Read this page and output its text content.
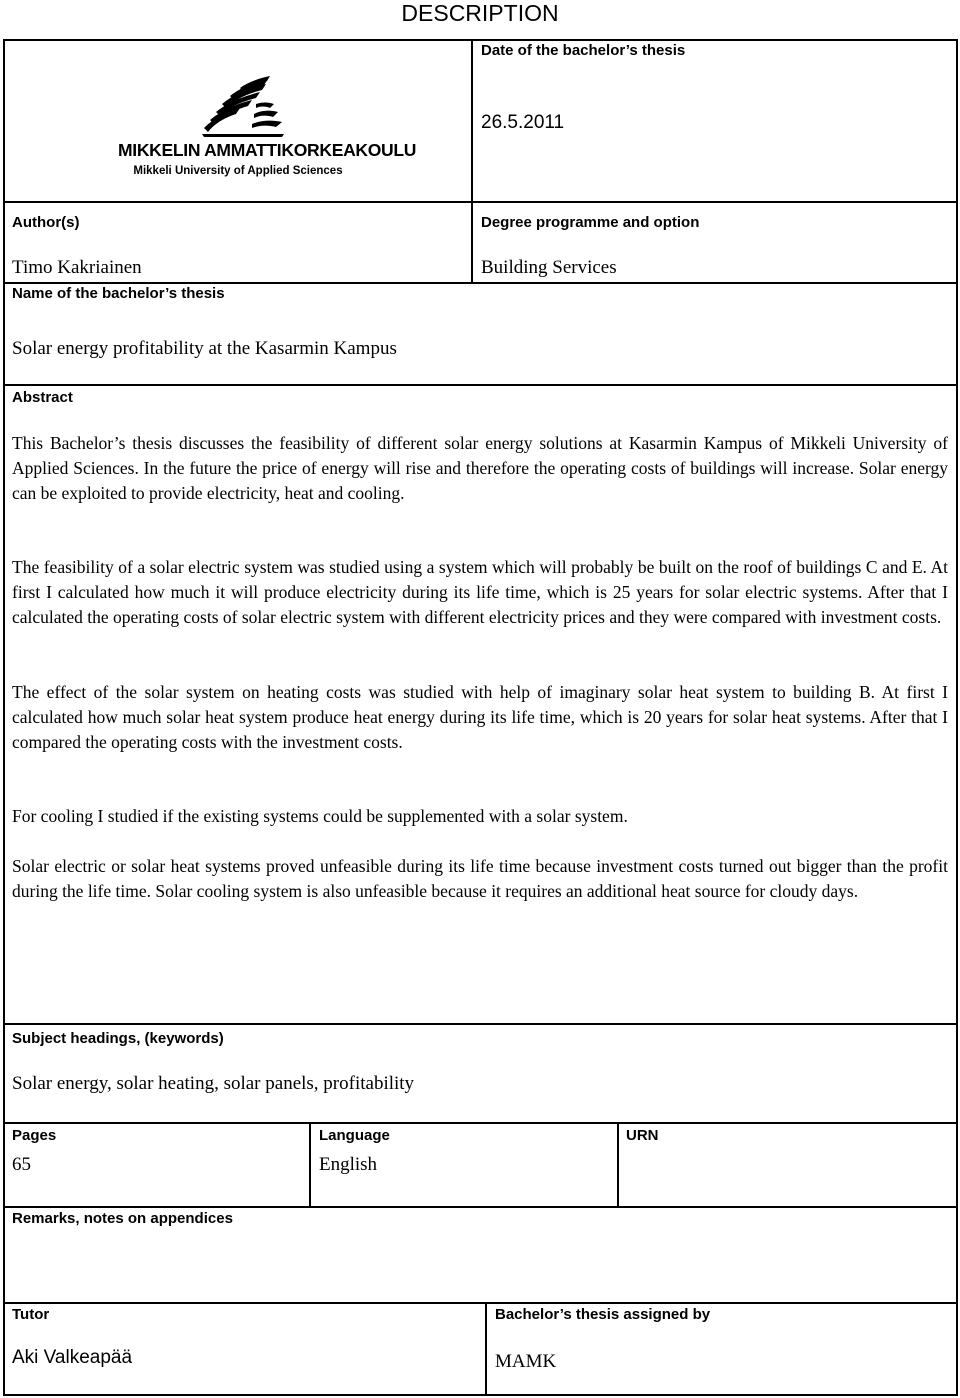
DESCRIPTION
MIKKELIN AMMATTIKORKEAKOULU
Mikkeli University of Applied Sciences
Date of the bachelor’s thesis
26.5.2011
Author(s)
Timo Kakriainen
Degree programme and option
Building Services
Name of the bachelor’s thesis
Solar energy profitability at the Kasarmin Kampus
Abstract

This Bachelor’s thesis discusses the feasibility of different solar energy solutions at Kasarmin Kampus of Mikkeli University of Applied Sciences. In the future the price of energy will rise and therefore the operating costs of buildings will increase. Solar energy can be exploited to provide electricity, heat and cooling.

The feasibility of a solar electric system was studied using a system which will probably be built on the roof of buildings C and E. At first I calculated how much it will produce electricity during its life time, which is 25 years for solar electric systems. After that I calculated the operating costs of solar electric system with different electricity prices and they were compared with investment costs.

The effect of the solar system on heating costs was studied with help of imaginary solar heat system to building B. At first I calculated how much solar heat system produce heat energy during its life time, which is 20 years for solar heat systems. After that I compared the operating costs with the investment costs.

For cooling I studied if the existing systems could be supplemented with a solar system.

Solar electric or solar heat systems proved unfeasible during its life time because investment costs turned out bigger than the profit during the life time. Solar cooling system is also unfeasible because it requires an additional heat source for cloudy days.

Subject headings, (keywords)
Solar energy, solar heating, solar panels, profitability
Pages
65
Language
English
URN
Remarks, notes on appendices
Tutor
Aki Valkeapää
Bachelor’s thesis assigned by
MAMK
